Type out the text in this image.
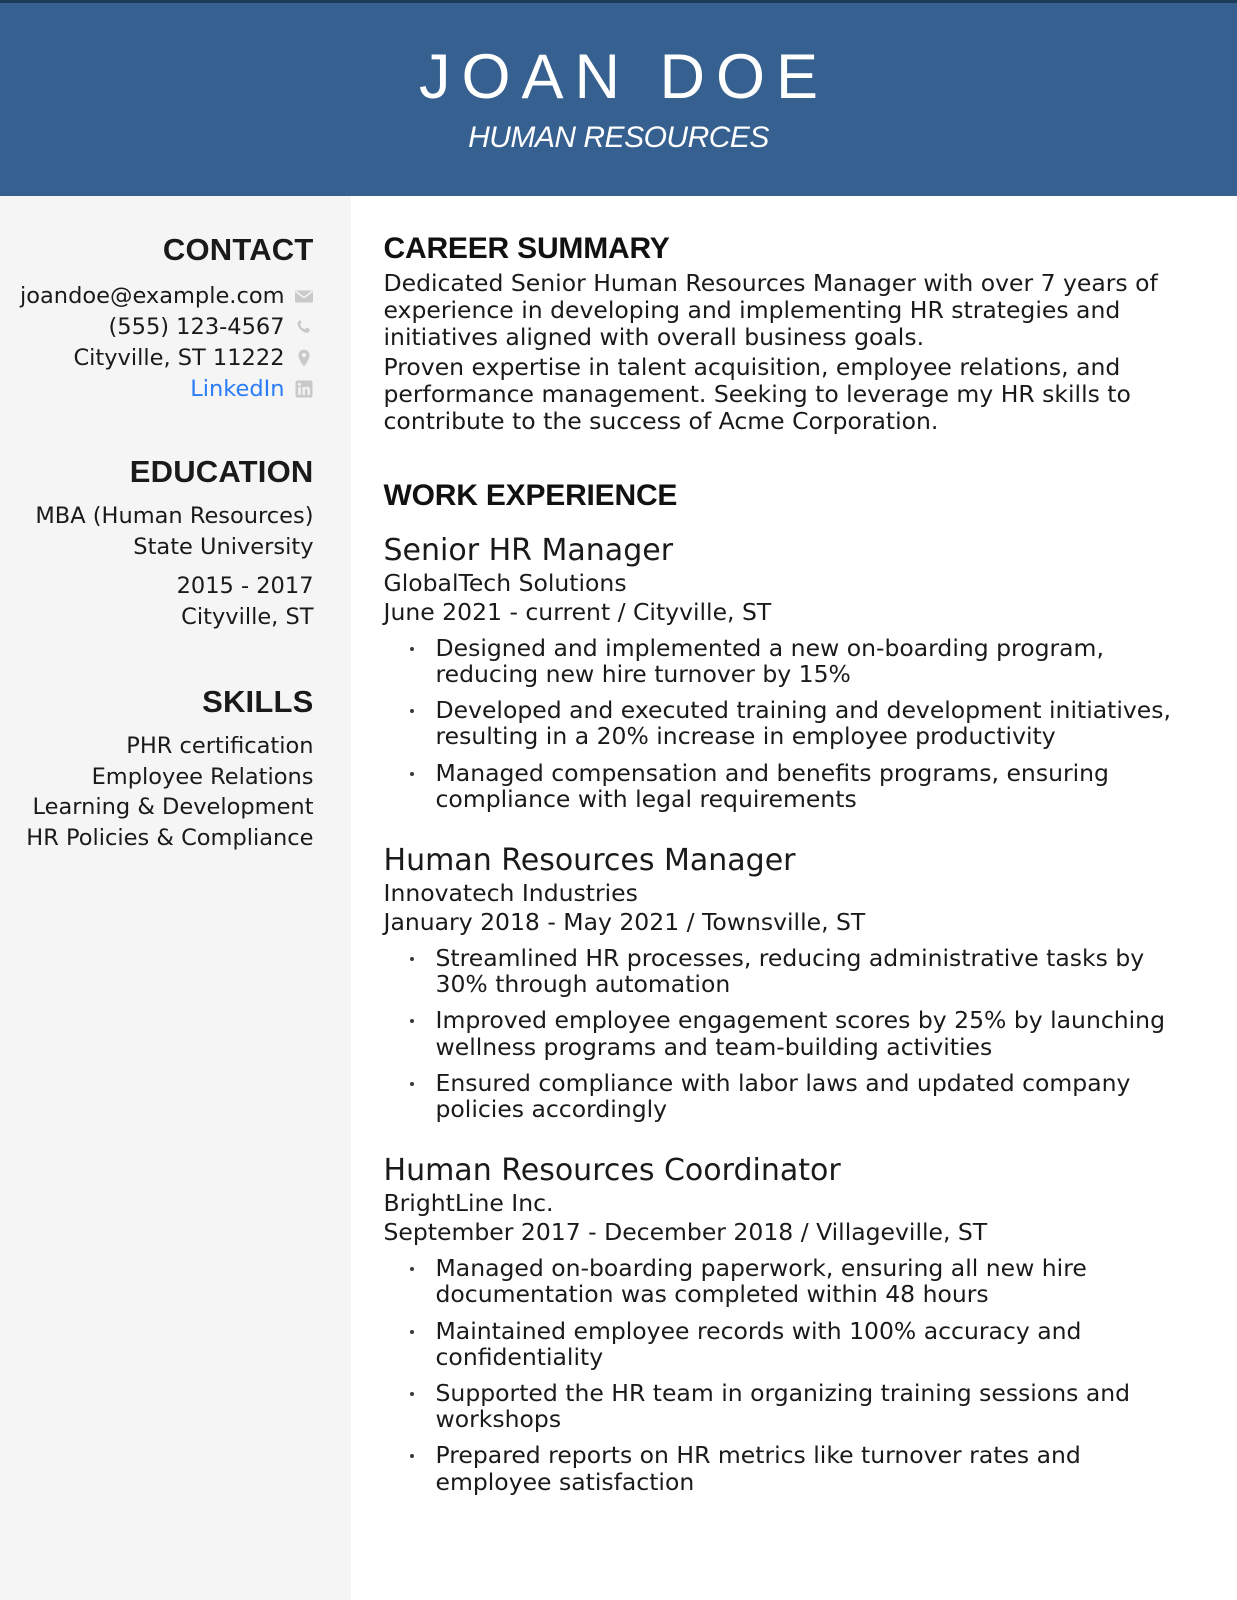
JOAN DOE
HUMAN RESOURCES
CONTACT
joandoe@example.com
(555) 123-4567
Cityville, ST 11222
LinkedIn
EDUCATION
MBA (Human Resources)
State University
2015 - 2017
Cityville, ST
SKILLS
PHR certification
Employee Relations
Learning & Development
HR Policies & Compliance
CAREER SUMMARY
Dedicated Senior Human Resources Manager with over 7 years of experience in developing and implementing HR strategies and initiatives aligned with overall business goals.
Proven expertise in talent acquisition, employee relations, and performance management. Seeking to leverage my HR skills to contribute to the success of Acme Corporation.
WORK EXPERIENCE
Senior HR Manager
GlobalTech Solutions
June 2021 - current / Cityville, ST
Designed and implemented a new on-boarding program, reducing new hire turnover by 15%
Developed and executed training and development initiatives, resulting in a 20% increase in employee productivity
Managed compensation and benefits programs, ensuring compliance with legal requirements
Human Resources Manager
Innovatech Industries
January 2018 - May 2021 / Townsville, ST
Streamlined HR processes, reducing administrative tasks by 30% through automation
Improved employee engagement scores by 25% by launching wellness programs and team-building activities
Ensured compliance with labor laws and updated company policies accordingly
Human Resources Coordinator
BrightLine Inc.
September 2017 - December 2018 / Villageville, ST
Managed on-boarding paperwork, ensuring all new hire documentation was completed within 48 hours
Maintained employee records with 100% accuracy and confidentiality
Supported the HR team in organizing training sessions and workshops
Prepared reports on HR metrics like turnover rates and employee satisfaction
